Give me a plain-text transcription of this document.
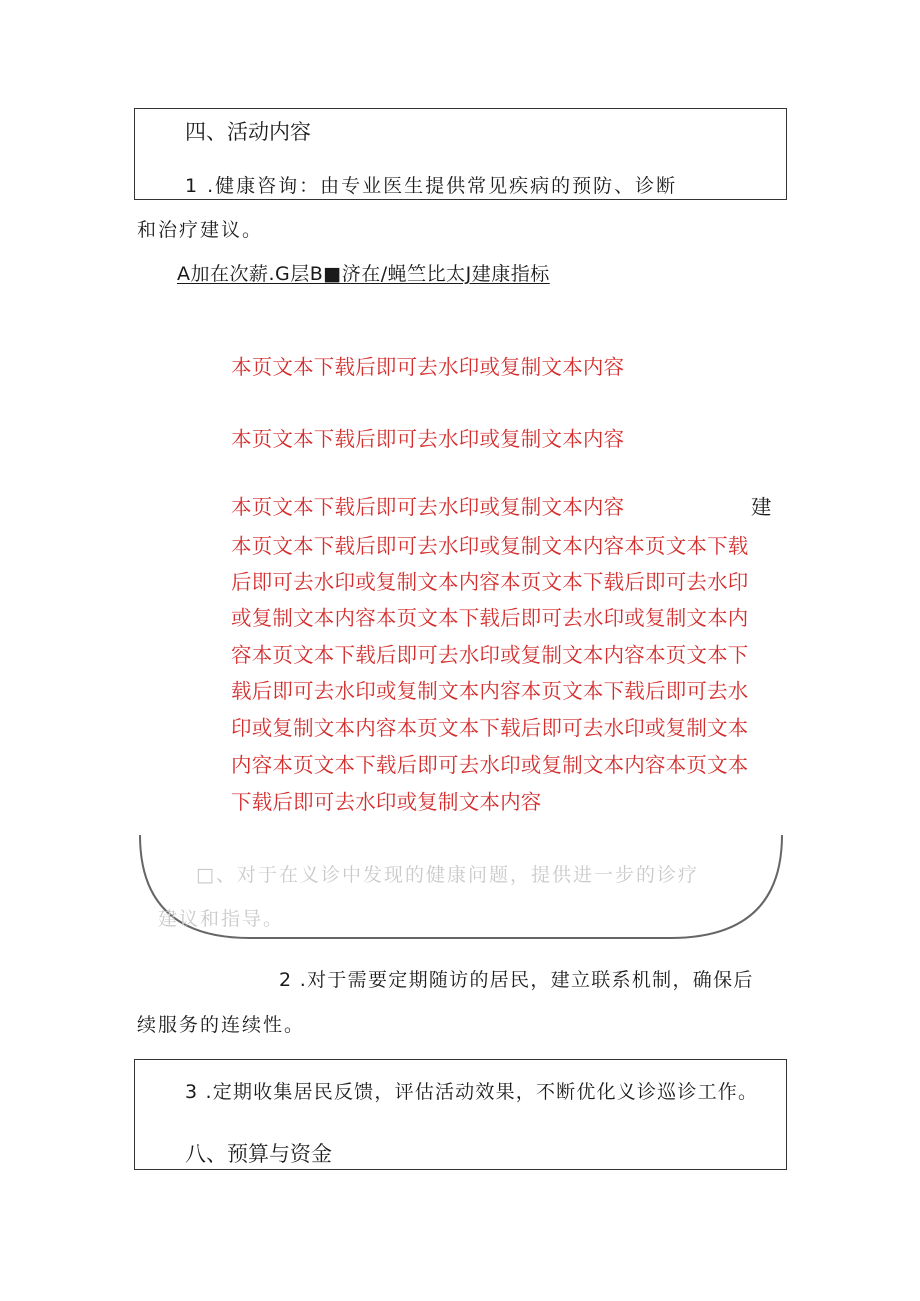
四、活动内容
1 .健康咨询：由专业医生提供常见疾病的预防、诊断
和治疗建议。
A加在次薪.G层B■济在/蝇竺比太J建康指标
本页文本下载后即可去水印或复制文本内容
本页文本下载后即可去水印或复制文本内容
本页文本下载后即可去水印或复制文本内容	建
本页文本下载后即可去水印或复制文本内容本页文本下载
后即可去水印或复制文本内容本页文本下载后即可去水印
或复制文本内容本页文本下载后即可去水印或复制文本内
容本页文本下载后即可去水印或复制文本内容本页文本下
载后即可去水印或复制文本内容本页文本下载后即可去水
印或复制文本内容本页文本下载后即可去水印或复制文本
内容本页文本下载后即可去水印或复制文本内容本页文本
下载后即可去水印或复制文本内容
□、对于在义诊中发现的健康问题，提供进一步的诊疗
建议和指导。
2 .对于需要定期随访的居民，建立联系机制，确保后
续服务的连续性。
3 .定期收集居民反馈，评估活动效果，不断优化义诊巡诊工作。
八、预算与资金
